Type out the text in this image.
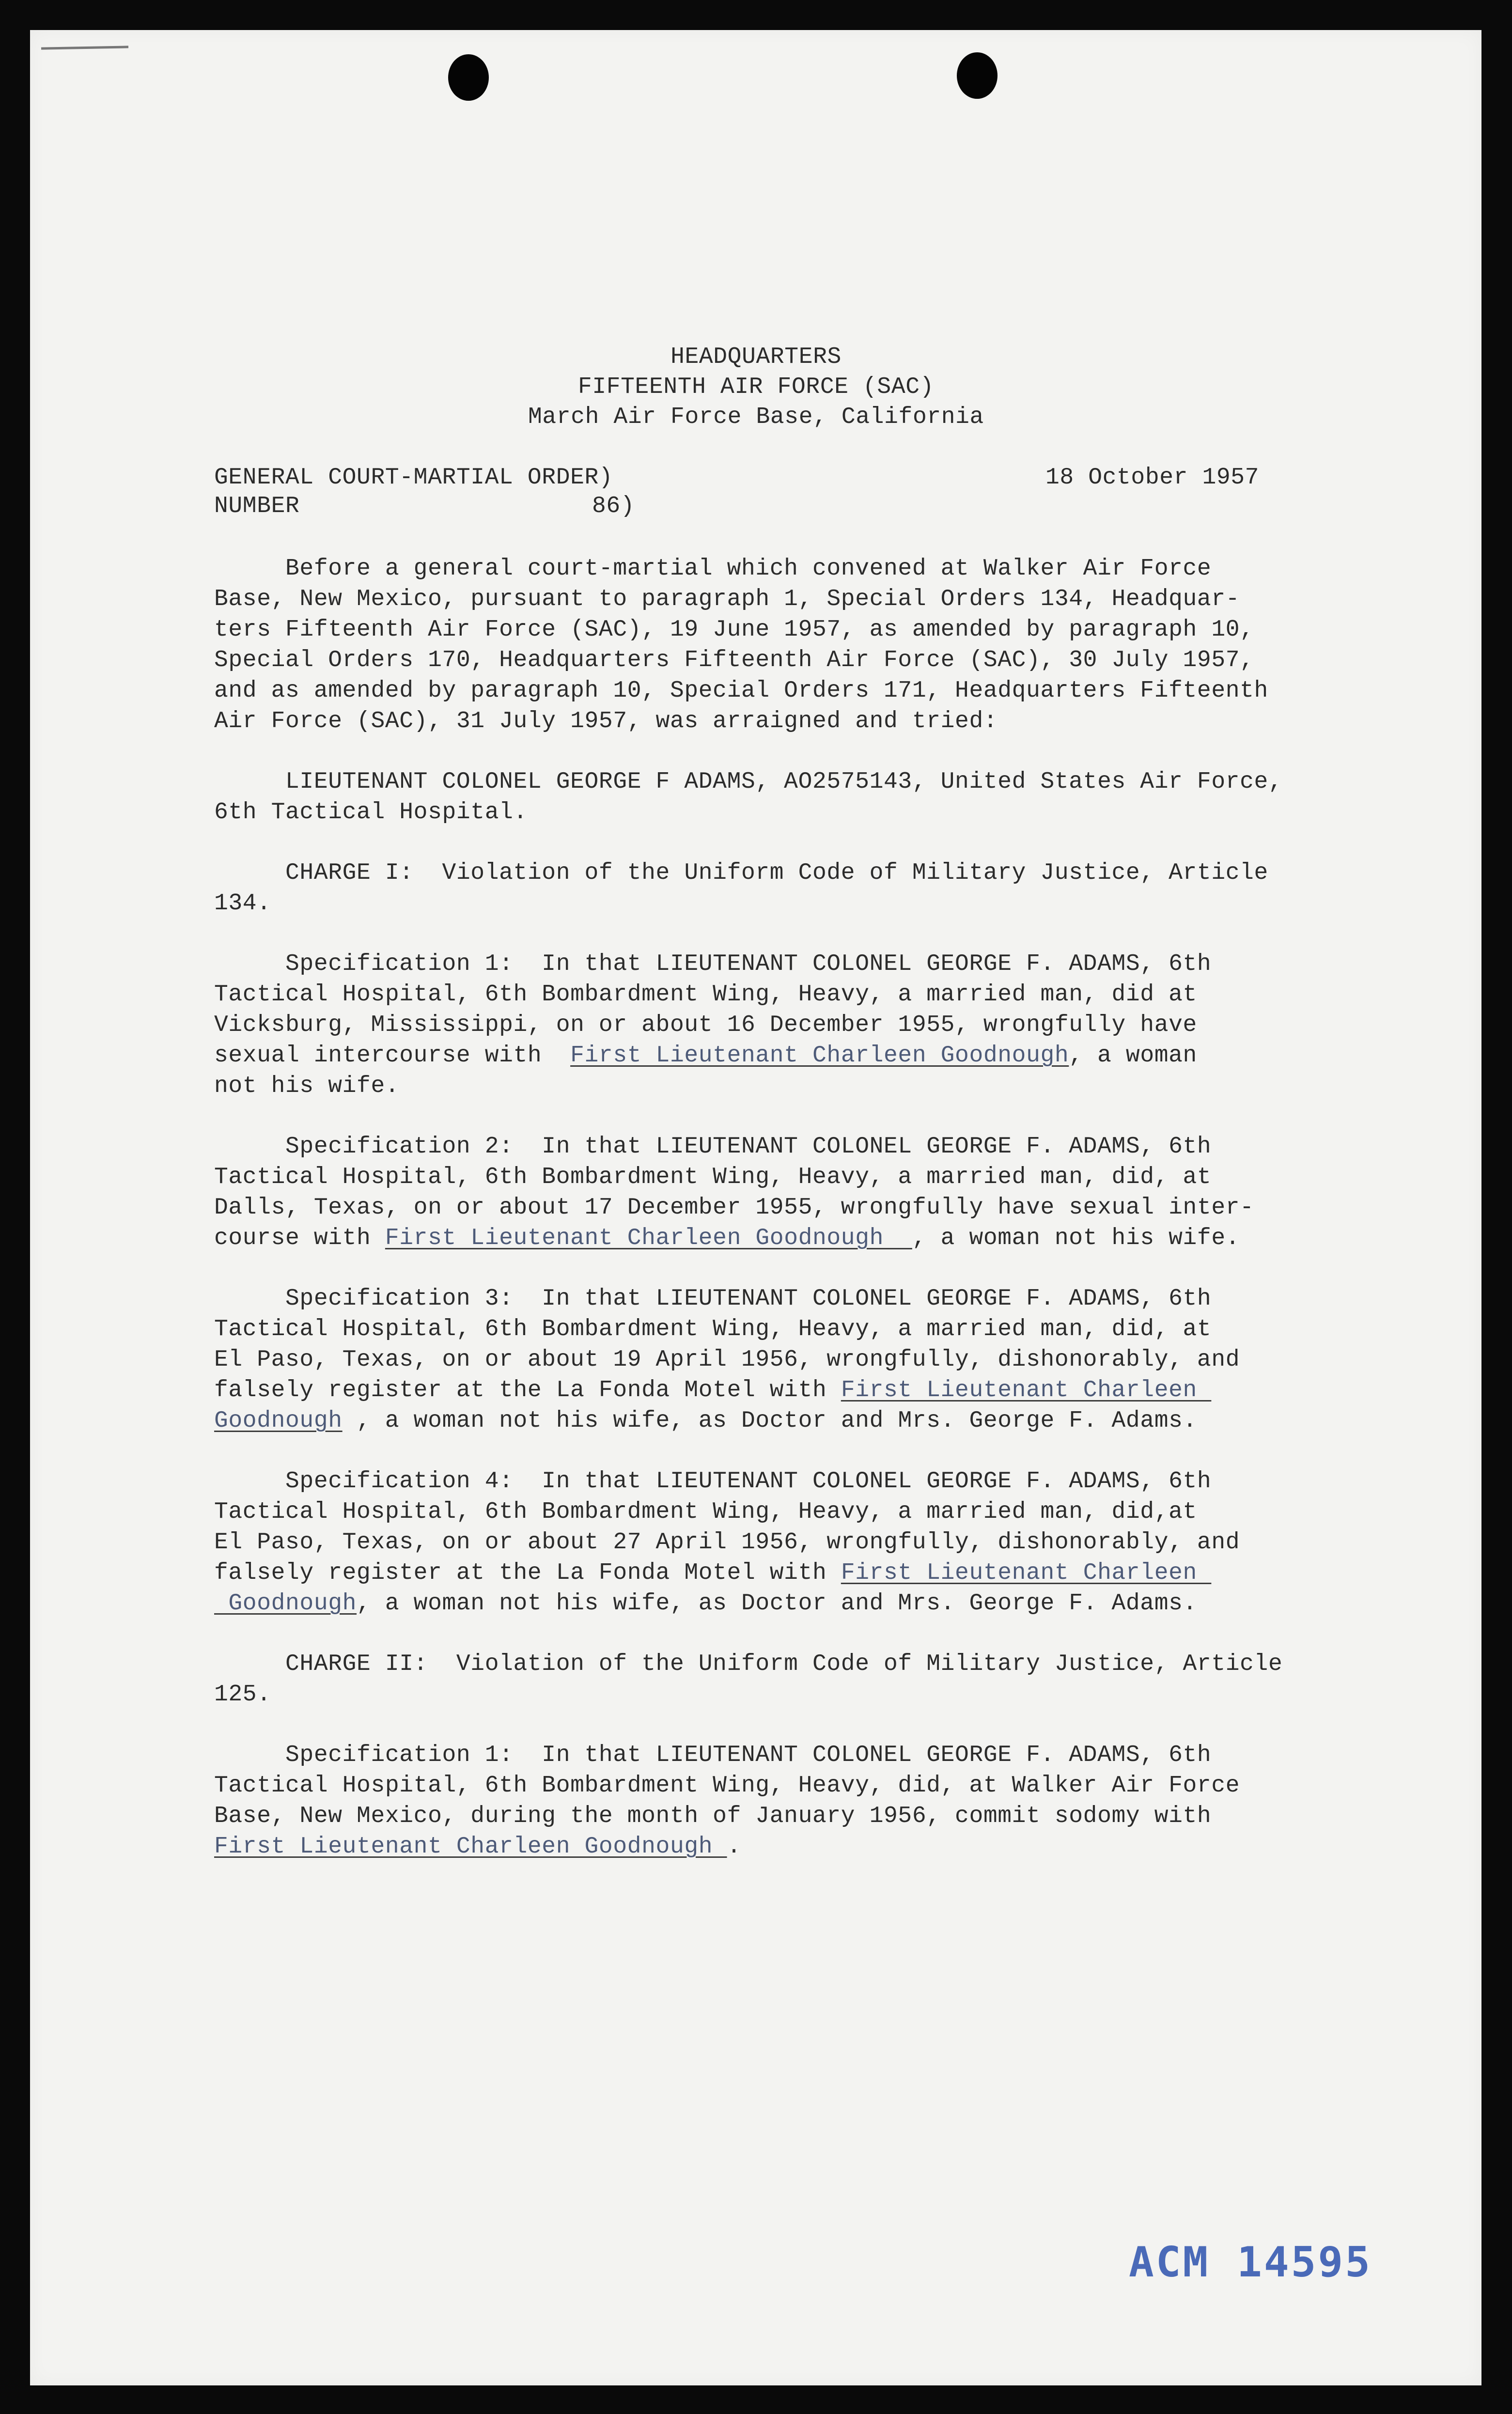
HEADQUARTERS
FIFTEENTH AIR FORCE (SAC)
March Air Force Base, California
GENERAL COURT-MARTIAL ORDER)
NUMBER	86)
18 October 1957
Before a general court-martial which convened at Walker Air Force
Base, New Mexico, pursuant to paragraph 1, Special Orders 134, Headquar-
ters Fifteenth Air Force (SAC), 19 June 1957, as amended by paragraph 10,
Special Orders 170, Headquarters Fifteenth Air Force (SAC), 30 July 1957,
and as amended by paragraph 10, Special Orders 171, Headquarters Fifteenth
Air Force (SAC), 31 July 1957, was arraigned and tried:
LIEUTENANT COLONEL GEORGE F ADAMS, AO2575143, United States Air Force,
6th Tactical Hospital.
CHARGE I:  Violation of the Uniform Code of Military Justice, Article
134.
Specification 1:  In that LIEUTENANT COLONEL GEORGE F. ADAMS, 6th
Tactical Hospital, 6th Bombardment Wing, Heavy, a married man, did at
Vicksburg, Mississippi, on or about 16 December 1955, wrongfully have
sexual intercourse with  First Lieutenant Charleen Goodnough, a woman
not his wife.
Specification 2:  In that LIEUTENANT COLONEL GEORGE F. ADAMS, 6th
Tactical Hospital, 6th Bombardment Wing, Heavy, a married man, did, at
Dalls, Texas, on or about 17 December 1955, wrongfully have sexual inter-
course with First Lieutenant Charleen Goodnough  , a woman not his wife.
Specification 3:  In that LIEUTENANT COLONEL GEORGE F. ADAMS, 6th
Tactical Hospital, 6th Bombardment Wing, Heavy, a married man, did, at
El Paso, Texas, on or about 19 April 1956, wrongfully, dishonorably, and
falsely register at the La Fonda Motel with First Lieutenant Charleen
Goodnough , a woman not his wife, as Doctor and Mrs. George F. Adams.
Specification 4:  In that LIEUTENANT COLONEL GEORGE F. ADAMS, 6th
Tactical Hospital, 6th Bombardment Wing, Heavy, a married man, did,at
El Paso, Texas, on or about 27 April 1956, wrongfully, dishonorably, and
falsely register at the La Fonda Motel with First Lieutenant Charleen
Goodnough, a woman not his wife, as Doctor and Mrs. George F. Adams.
CHARGE II:  Violation of the Uniform Code of Military Justice, Article
125.
Specification 1:  In that LIEUTENANT COLONEL GEORGE F. ADAMS, 6th
Tactical Hospital, 6th Bombardment Wing, Heavy, did, at Walker Air Force
Base, New Mexico, during the month of January 1956, commit sodomy with
First Lieutenant Charleen Goodnough .
ACM 14595
